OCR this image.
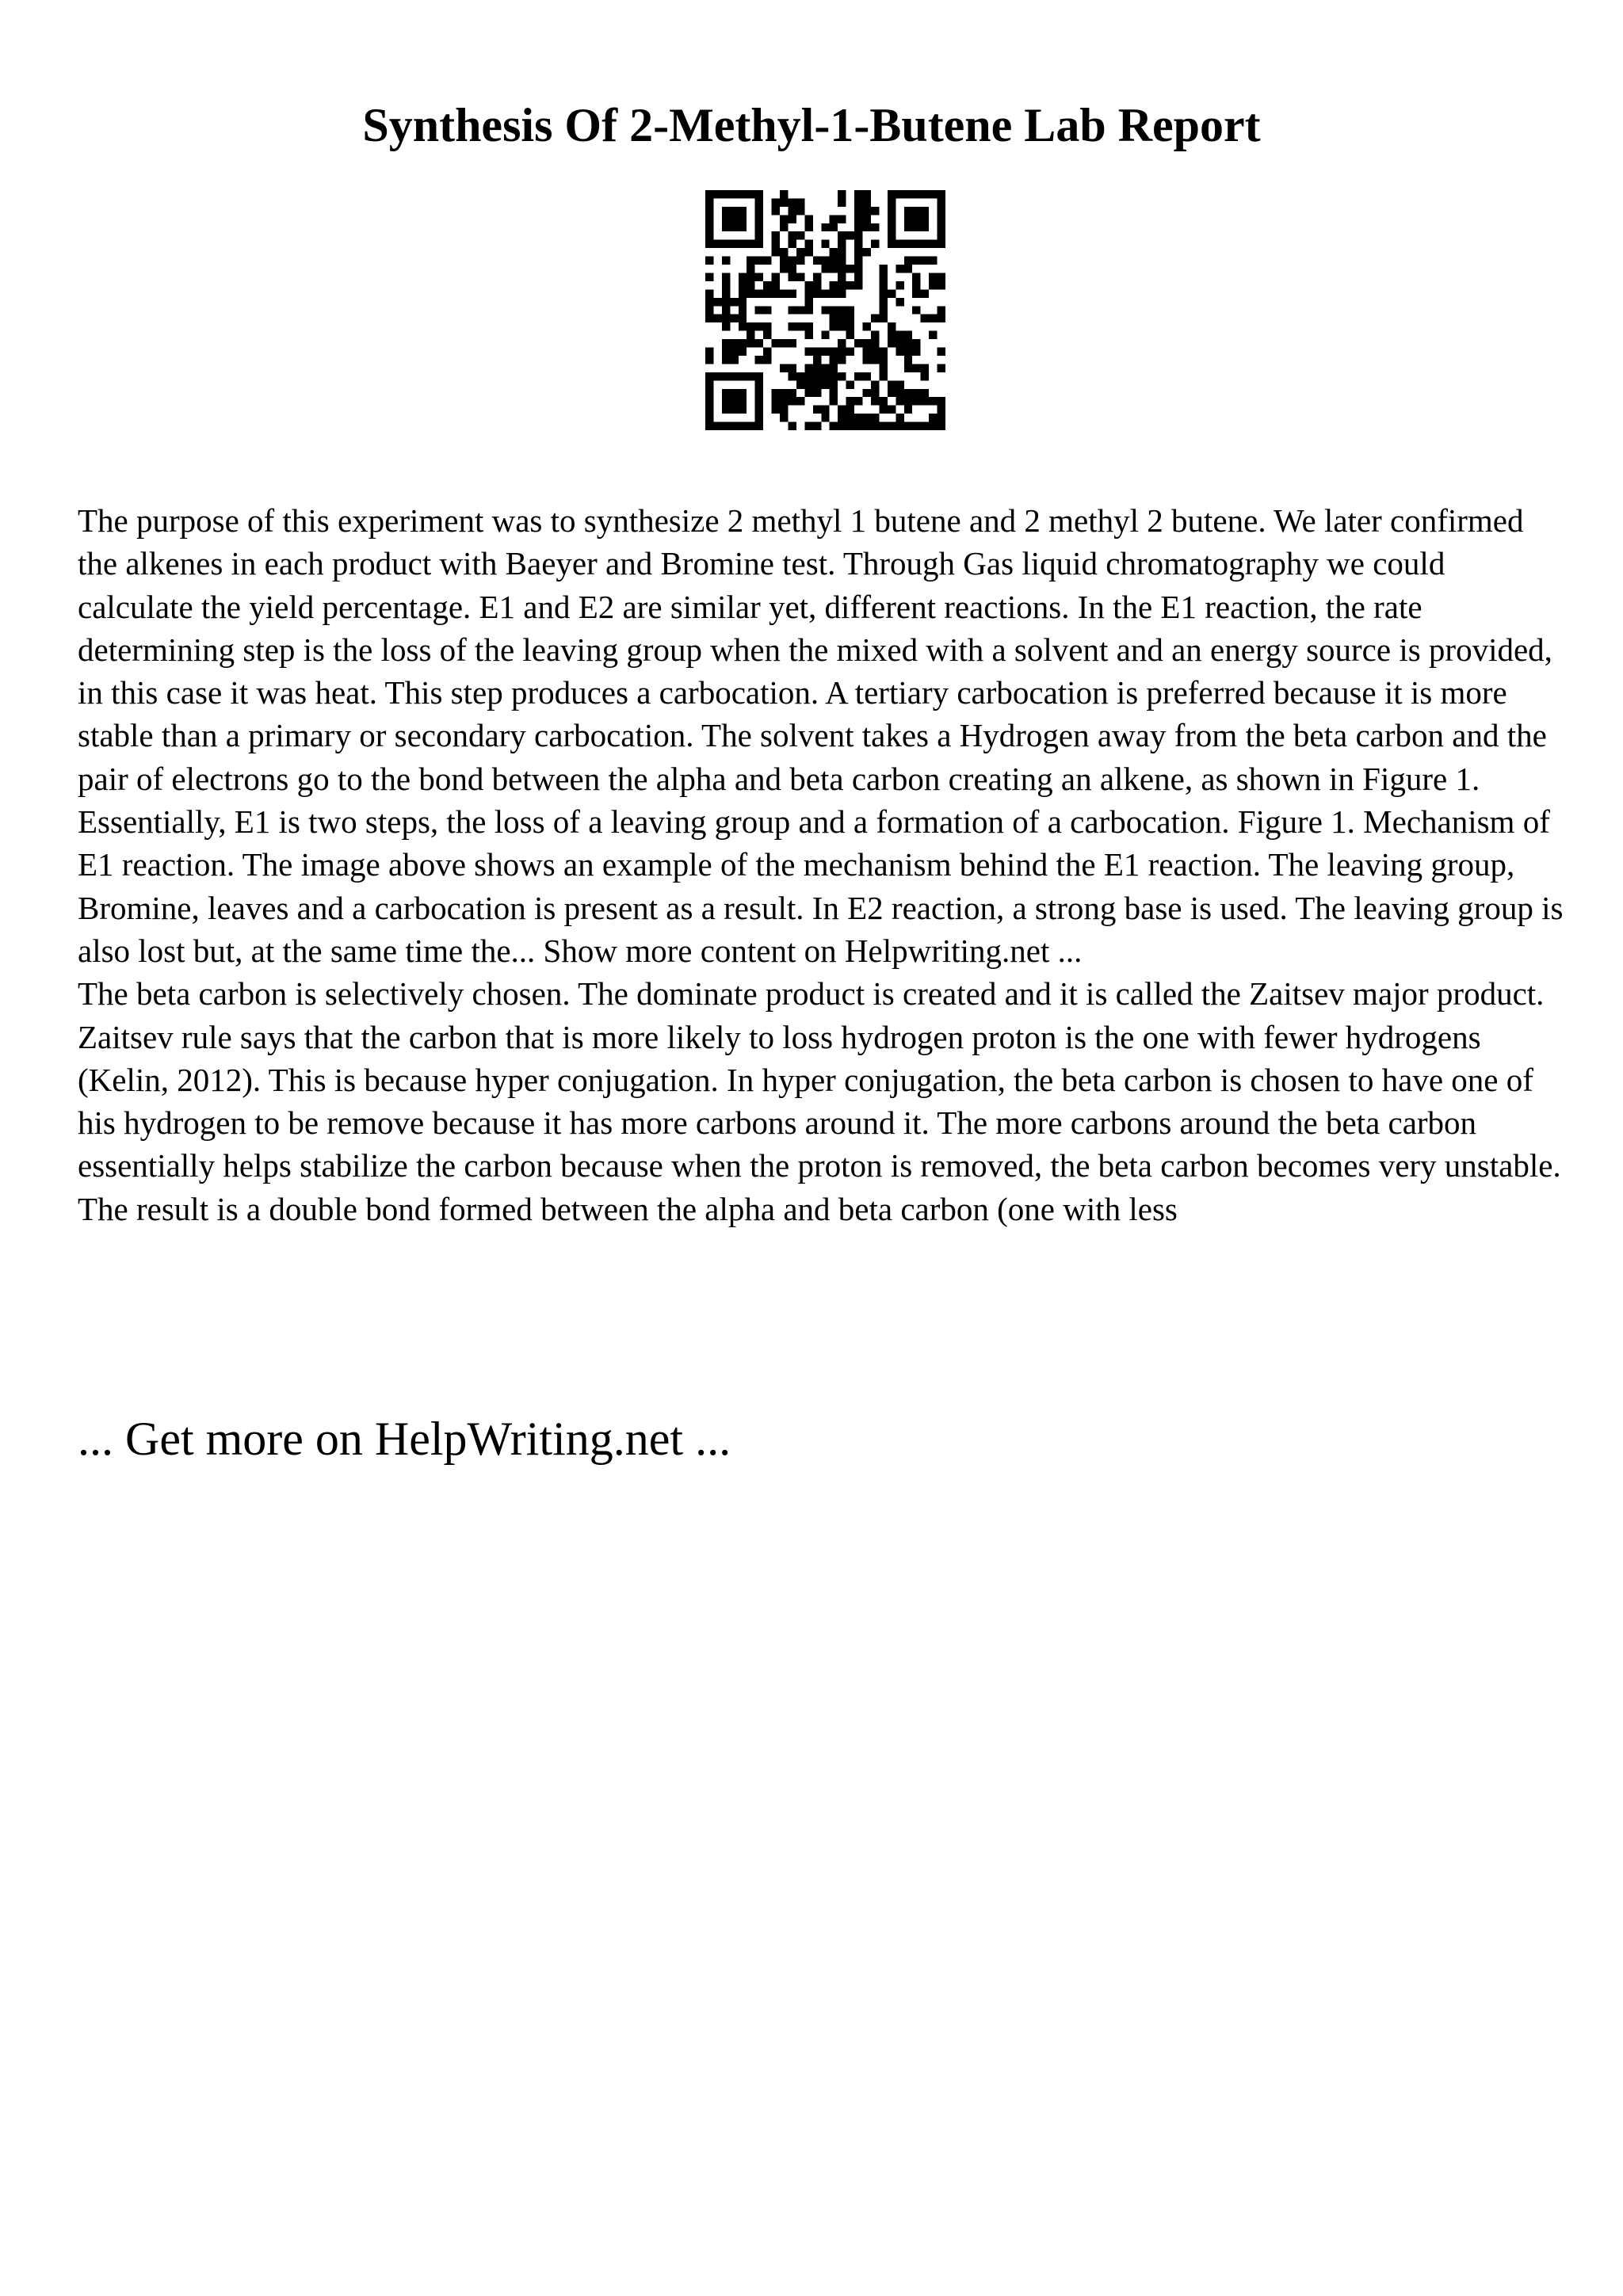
Synthesis Of 2-Methyl-1-Butene Lab Report

The purpose of this experiment was to synthesize 2 methyl 1 butene and 2 methyl 2 butene. We later confirmed the alkenes in each product with Baeyer and Bromine test. Through Gas liquid chromatography we could calculate the yield percentage. E1 and E2 are similar yet, different reactions. In the E1 reaction, the rate determining step is the loss of the leaving group when the mixed with a solvent and an energy source is provided, in this case it was heat. This step produces a carbocation. A tertiary carbocation is preferred because it is more stable than a primary or secondary carbocation. The solvent takes a Hydrogen away from the beta carbon and the pair of electrons go to the bond between the alpha and beta carbon creating an alkene, as shown in Figure 1. Essentially, E1 is two steps, the loss of a leaving group and a formation of a carbocation. Figure 1. Mechanism of E1 reaction. The image above shows an example of the mechanism behind the E1 reaction. The leaving group, Bromine, leaves and a carbocation is present as a result. In E2 reaction, a strong base is used. The leaving group is also lost but, at the same time the... Show more content on Helpwriting.net ...

The beta carbon is selectively chosen. The dominate product is created and it is called the Zaitsev major product. Zaitsev rule says that the carbon that is more likely to loss hydrogen proton is the one with fewer hydrogens (Kelin, 2012). This is because hyper conjugation. In hyper conjugation, the beta carbon is chosen to have one of his hydrogen to be remove because it has more carbons around it. The more carbons around the beta carbon essentially helps stabilize the carbon because when the proton is removed, the beta carbon becomes very unstable. The result is a double bond formed between the alpha and beta carbon (one with less

... Get more on HelpWriting.net ...
